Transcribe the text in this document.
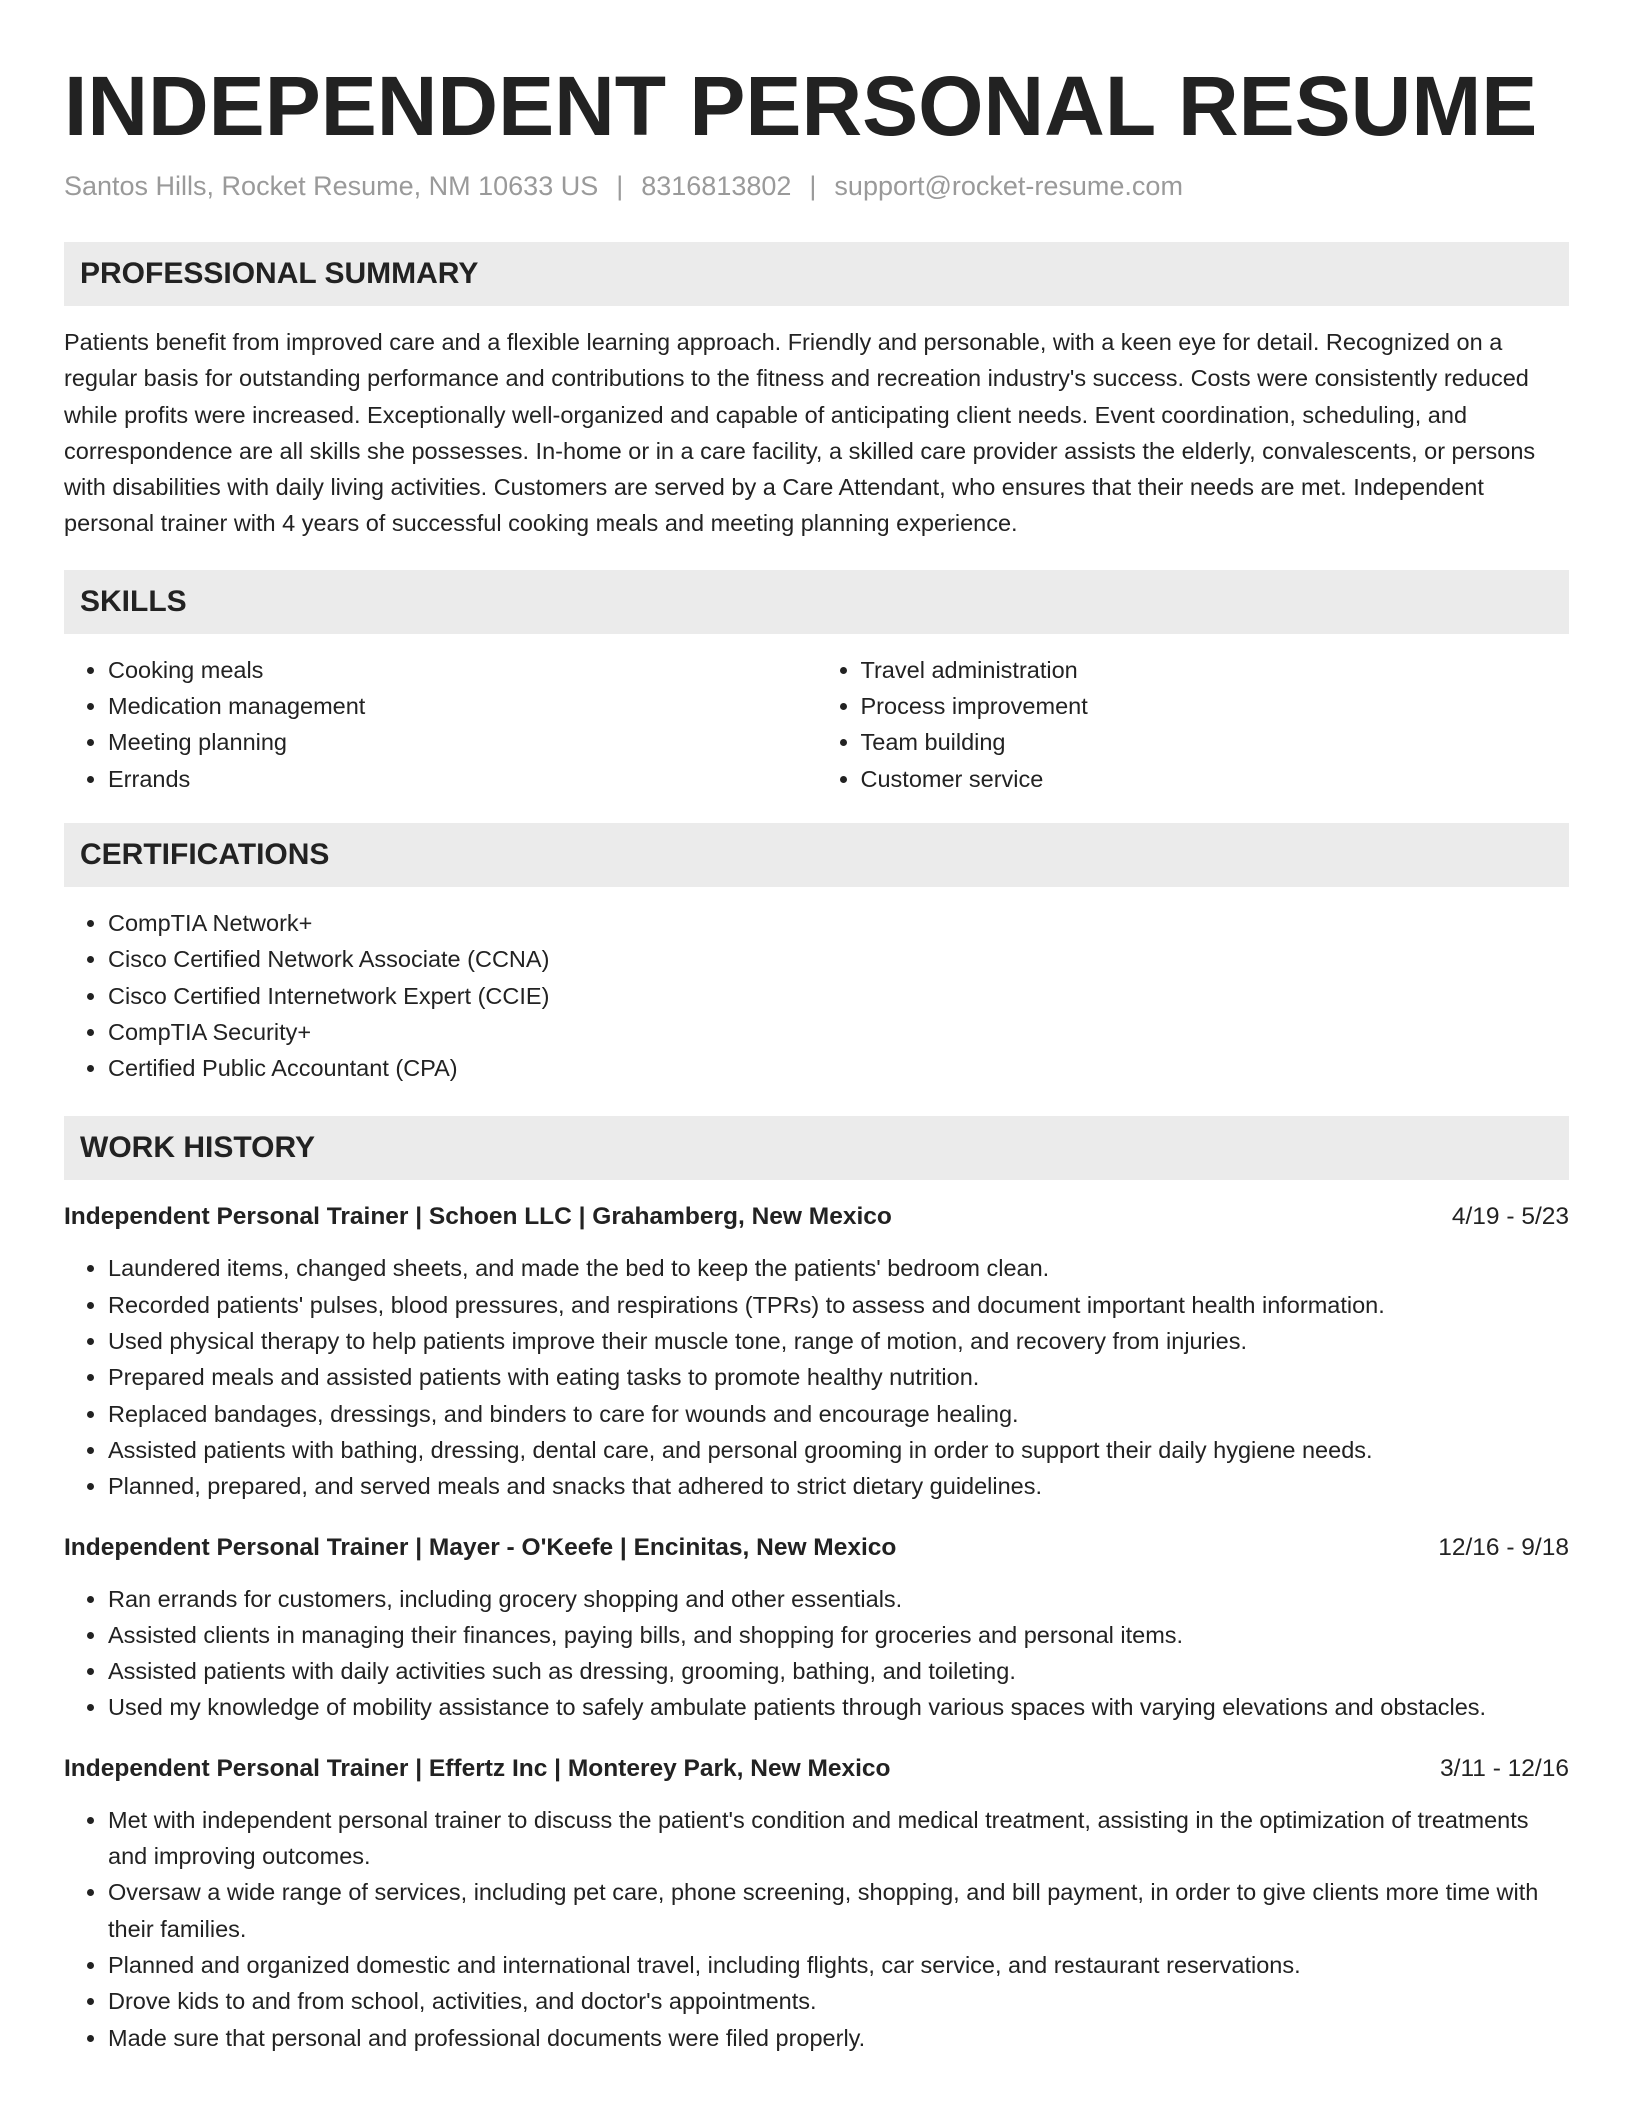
INDEPENDENT PERSONAL RESUME
Santos Hills, Rocket Resume, NM 10633 US | 8316813802 | support@rocket-resume.com
PROFESSIONAL SUMMARY
Patients benefit from improved care and a flexible learning approach. Friendly and personable, with a keen eye for detail. Recognized on a regular basis for outstanding performance and contributions to the fitness and recreation industry's success. Costs were consistently reduced while profits were increased. Exceptionally well-organized and capable of anticipating client needs. Event coordination, scheduling, and correspondence are all skills she possesses. In-home or in a care facility, a skilled care provider assists the elderly, convalescents, or persons with disabilities with daily living activities. Customers are served by a Care Attendant, who ensures that their needs are met. Independent personal trainer with 4 years of successful cooking meals and meeting planning experience.
SKILLS
• Cooking meals
• Medication management
• Meeting planning
• Errands
• Travel administration
• Process improvement
• Team building
• Customer service
CERTIFICATIONS
• CompTIA Network+
• Cisco Certified Network Associate (CCNA)
• Cisco Certified Internetwork Expert (CCIE)
• CompTIA Security+
• Certified Public Accountant (CPA)
WORK HISTORY
Independent Personal Trainer | Schoen LLC | Grahamberg, New Mexico	4/19 - 5/23
• Laundered items, changed sheets, and made the bed to keep the patients' bedroom clean.
• Recorded patients' pulses, blood pressures, and respirations (TPRs) to assess and document important health information.
• Used physical therapy to help patients improve their muscle tone, range of motion, and recovery from injuries.
• Prepared meals and assisted patients with eating tasks to promote healthy nutrition.
• Replaced bandages, dressings, and binders to care for wounds and encourage healing.
• Assisted patients with bathing, dressing, dental care, and personal grooming in order to support their daily hygiene needs.
• Planned, prepared, and served meals and snacks that adhered to strict dietary guidelines.
Independent Personal Trainer | Mayer - O'Keefe | Encinitas, New Mexico	12/16 - 9/18
• Ran errands for customers, including grocery shopping and other essentials.
• Assisted clients in managing their finances, paying bills, and shopping for groceries and personal items.
• Assisted patients with daily activities such as dressing, grooming, bathing, and toileting.
• Used my knowledge of mobility assistance to safely ambulate patients through various spaces with varying elevations and obstacles.
Independent Personal Trainer | Effertz Inc | Monterey Park, New Mexico	3/11 - 12/16
• Met with independent personal trainer to discuss the patient's condition and medical treatment, assisting in the optimization of treatments and improving outcomes.
• Oversaw a wide range of services, including pet care, phone screening, shopping, and bill payment, in order to give clients more time with their families.
• Planned and organized domestic and international travel, including flights, car service, and restaurant reservations.
• Drove kids to and from school, activities, and doctor's appointments.
• Made sure that personal and professional documents were filed properly.
